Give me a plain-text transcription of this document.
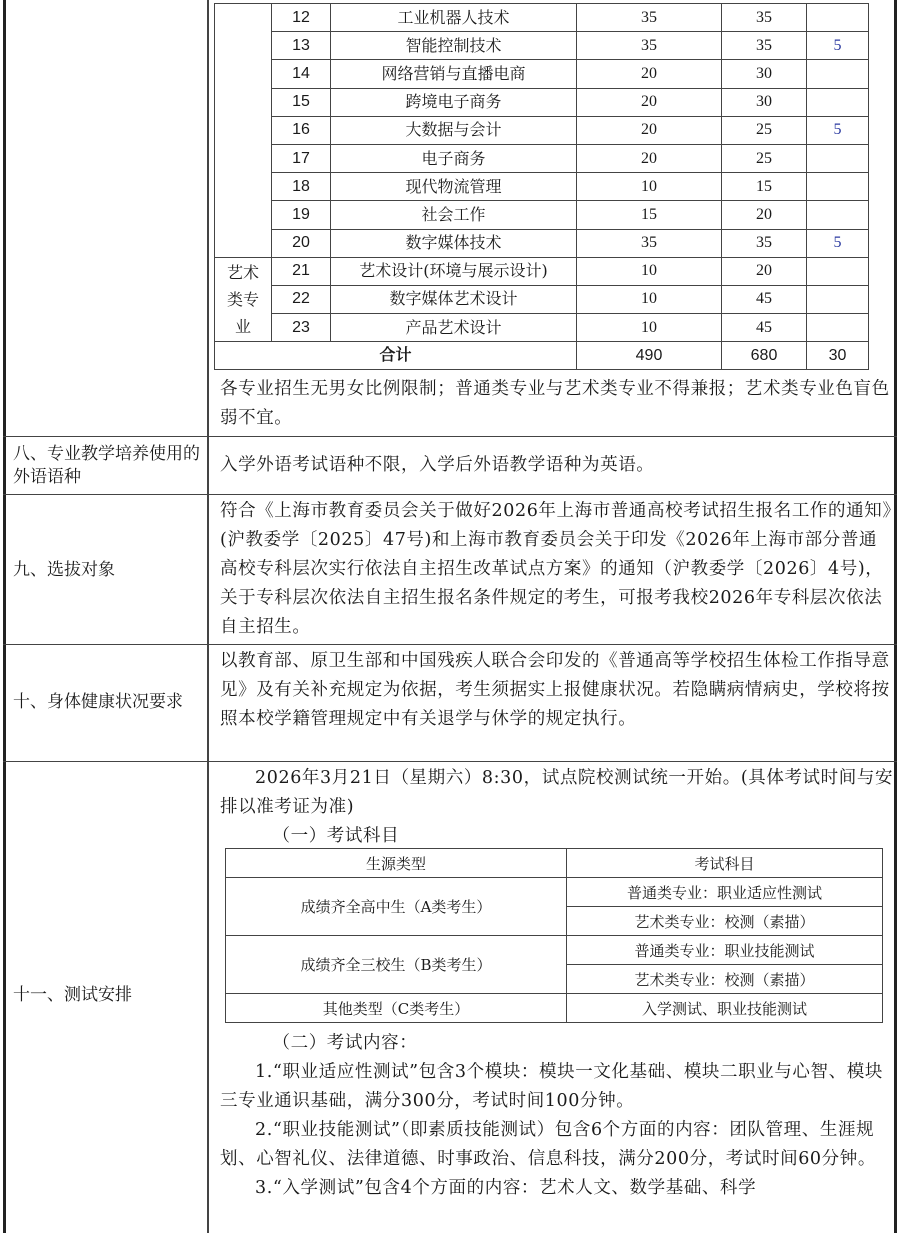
	12	工业机器人技术	35	35	
	13	智能控制技术	35	35	5
	14	网络营销与直播电商	20	30	
	15	跨境电子商务	20	30	
	16	大数据与会计	20	25	5
	17	电子商务	20	25	
	18	现代物流管理	10	15	
	19	社会工作	15	20	
	20	数字媒体技术	35	35	5

艺术
类专
业	21	艺术设计(环境与展示设计)	10	20	
	22	数字媒体艺术设计	10	45	
	23	产品艺术设计	10	45	
合计			490	680	30
各专业招生无男女比例限制；普通类专业与艺术类专业不得兼报；艺术类专业色盲色弱不宜。
八、专业教学培养使用的外语语种
入学外语考试语种不限，入学后外语教学语种为英语。
九、选拔对象
符合《上海市教育委员会关于做好2026年上海市普通高校考试招生报名工作的通知》(沪教委学〔2025〕47号)和上海市教育委员会关于印发《2026年上海市部分普通高校专科层次实行依法自主招生改革试点方案》的通知（沪教委学〔2026〕4号)，关于专科层次依法自主招生报名条件规定的考生，可报考我校2026年专科层次依法自主招生。
十、身体健康状况要求
以教育部、原卫生部和中国残疾人联合会印发的《普通高等学校招生体检工作指导意见》及有关补充规定为依据，考生须据实上报健康状况。若隐瞒病情病史，学校将按照本校学籍管理规定中有关退学与休学的规定执行。
十一、测试安排

2026年3月21日（星期六）8:30，试点院校测试统一开始。(具体考试时间与安排以准考证为准)

（一）考试科目

（二）考试内容：

1.“职业适应性测试”包含3个模块：模块一文化基础、模块二职业与心智、模块三专业通识基础，满分300分，考试时间100分钟。

2.“职业技能测试”（即素质技能测试）包含6个方面的内容：团队管理、生涯规划、心智礼仪、法律道德、时事政治、信息科技，满分200分，考试时间60分钟。

3.“入学测试”包含4个方面的内容：艺术人文、数学基础、科学

生源类型	考试科目
成绩齐全高中生（A类考生）	普通类专业：职业适应性测试
	艺术类专业：校测（素描）
成绩齐全三校生（B类考生）	普通类专业：职业技能测试
	艺术类专业：校测（素描）
其他类型（C类考生）	入学测试、职业技能测试
